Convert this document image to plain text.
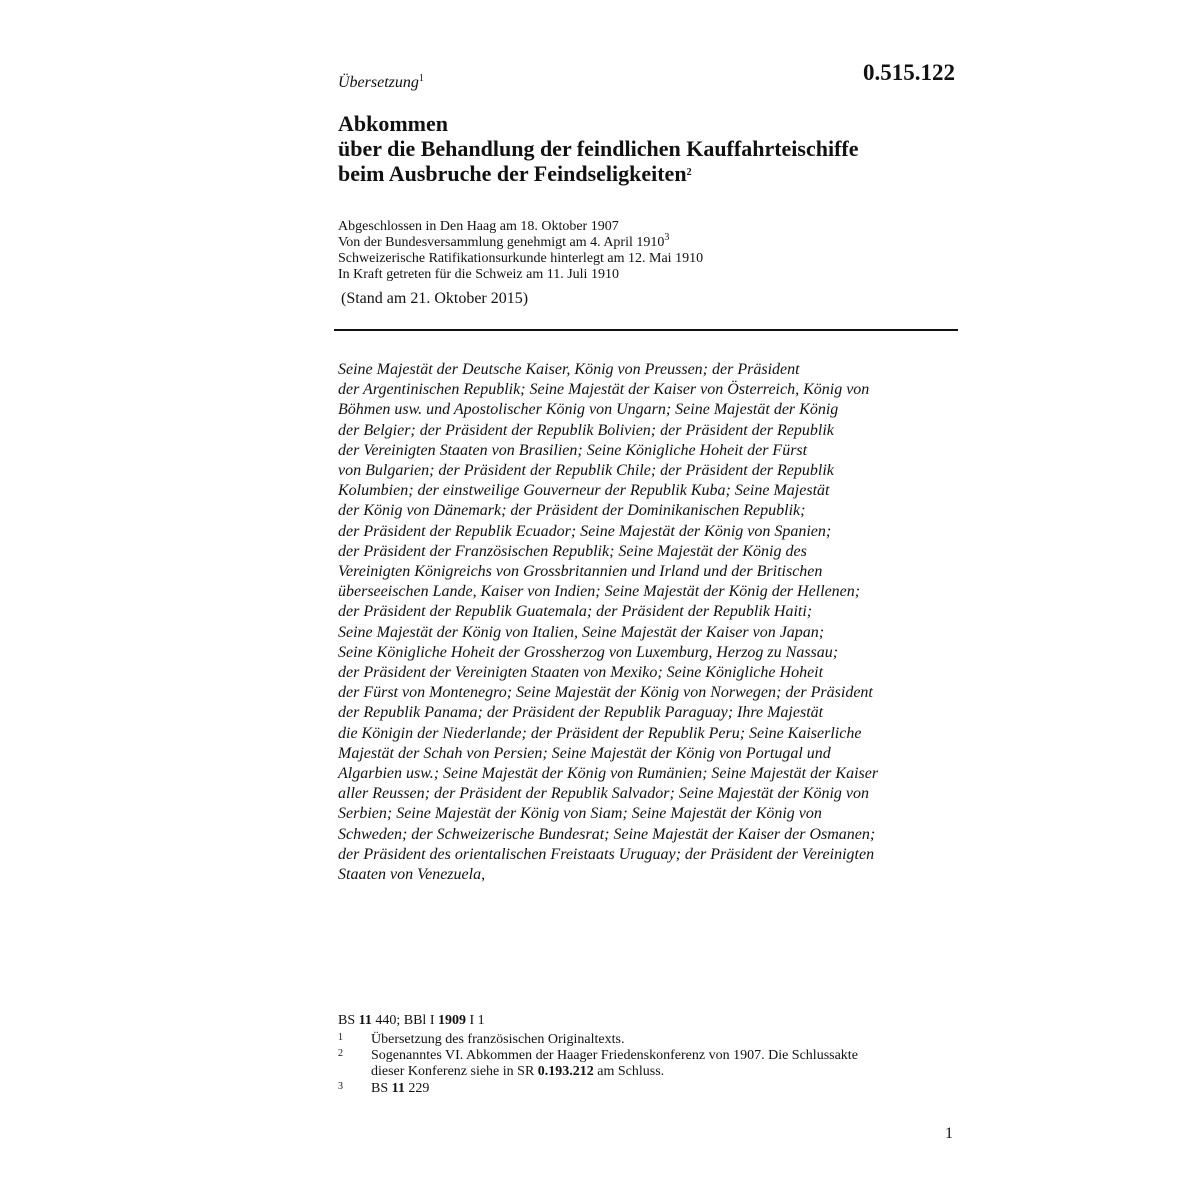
Übersetzung$^1$	0.515.122
Abkommen
über die Behandlung der feindlichen Kauffahrteischiffe
beim Ausbruche der Feindseligkeiten$^2$
Abgeschlossen in Den Haag am 18. Oktober 1907
Von der Bundesversammlung genehmigt am 4. April 1910$^3$
Schweizerische Ratifikationsurkunde hinterlegt am 12. Mai 1910
In Kraft getreten für die Schweiz am 11. Juli 1910
(Stand am 21. Oktober 2015)
Seine Majestät der Deutsche Kaiser, König von Preussen; der Präsident
der Argentinischen Republik; Seine Majestät der Kaiser von Österreich, König von
Böhmen usw. und Apostolischer König von Ungarn; Seine Majestät der König
der Belgier; der Präsident der Republik Bolivien; der Präsident der Republik
der Vereinigten Staaten von Brasilien; Seine Königliche Hoheit der Fürst
von Bulgarien; der Präsident der Republik Chile; der Präsident der Republik
Kolumbien; der einstweilige Gouverneur der Republik Kuba; Seine Majestät
der König von Dänemark; der Präsident der Dominikanischen Republik;
der Präsident der Republik Ecuador; Seine Majestät der König von Spanien;
der Präsident der Französischen Republik; Seine Majestät der König des
Vereinigten Königreichs von Grossbritannien und Irland und der Britischen
überseeischen Lande, Kaiser von Indien; Seine Majestät der König der Hellenen;
der Präsident der Republik Guatemala; der Präsident der Republik Haiti;
Seine Majestät der König von Italien, Seine Majestät der Kaiser von Japan;
Seine Königliche Hoheit der Grossherzog von Luxemburg, Herzog zu Nassau;
der Präsident der Vereinigten Staaten von Mexiko; Seine Königliche Hoheit
der Fürst von Montenegro; Seine Majestät der König von Norwegen; der Präsident
der Republik Panama; der Präsident der Republik Paraguay; Ihre Majestät
die Königin der Niederlande; der Präsident der Republik Peru; Seine Kaiserliche
Majestät der Schah von Persien; Seine Majestät der König von Portugal und
Algarbien usw.; Seine Majestät der König von Rumänien; Seine Majestät der Kaiser
aller Reussen; der Präsident der Republik Salvador; Seine Majestät der König von
Serbien; Seine Majestät der König von Siam; Seine Majestät der König von
Schweden; der Schweizerische Bundesrat; Seine Majestät der Kaiser der Osmanen;
der Präsident des orientalischen Freistaats Uruguay; der Präsident der Vereinigten
Staaten von Venezuela,
BS 11 440; BBl I 1909 I 1
1 Übersetzung des französischen Originaltexts.
2 Sogenanntes VI. Abkommen der Haager Friedenskonferenz von 1907. Die Schlussakte
dieser Konferenz siehe in SR 0.193.212 am Schluss.
3 BS 11 229
1
